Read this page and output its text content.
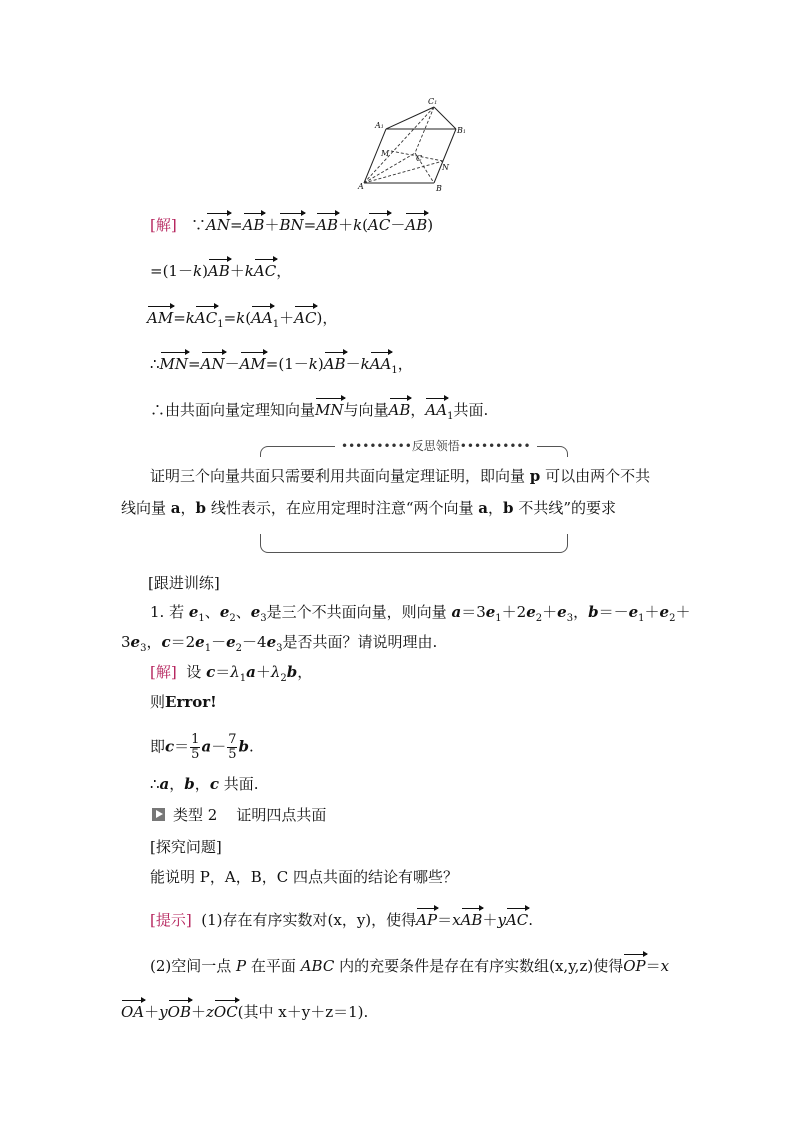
C1
A1	B1
M
C
N
A	B
[解] ∵AN=AB＋BN=AB＋k(AC－AB)
=(1－k)AB＋kAC，
$AM=kAC_1=k(AA_1+AC)$，
∴MN=AN－AM=(1－k)AB－kAA$_1$，
∴由共面向量定理知向量MN与向量AB，$AA_1$共面.
••••••••••反思领悟••••••••••
证明三个向量共面只需要利用共面向量定理证明，即向量 p 可以由两个不共
线向量 a，b 线性表示，在应用定理时注意“两个向量 a，b 不共线”的要求
[跟进训练]
1. 若 $e_1$、$e_2$、$e_3$是三个不共面向量，则向量 $a=3e_1+2e_2+e_3$，$b=-e_1+e_2+$
$3e_3$，$c=2e_1-e_2-4e_3$是否共面？请说明理由.
[解] 设 $c=\lambda_1a+\lambda_2b$，
则Error!
即$c= \frac{1}{5} a- \frac{7}{5} b$.
∴a，b，c 共面.
类型 2 证明四点共面
[探究问题]
能说明 P，A，B，C 四点共面的结论有哪些？
[提示] (1)存在有序实数对(x，y)，使得AP＝xAB＋yAC.
(2)空间一点 P 在平面 ABC 内的充要条件是存在有序实数组(x,y,z)使得OP＝x
OA＋yOB＋zOC(其中 x＋y＋z＝1).
